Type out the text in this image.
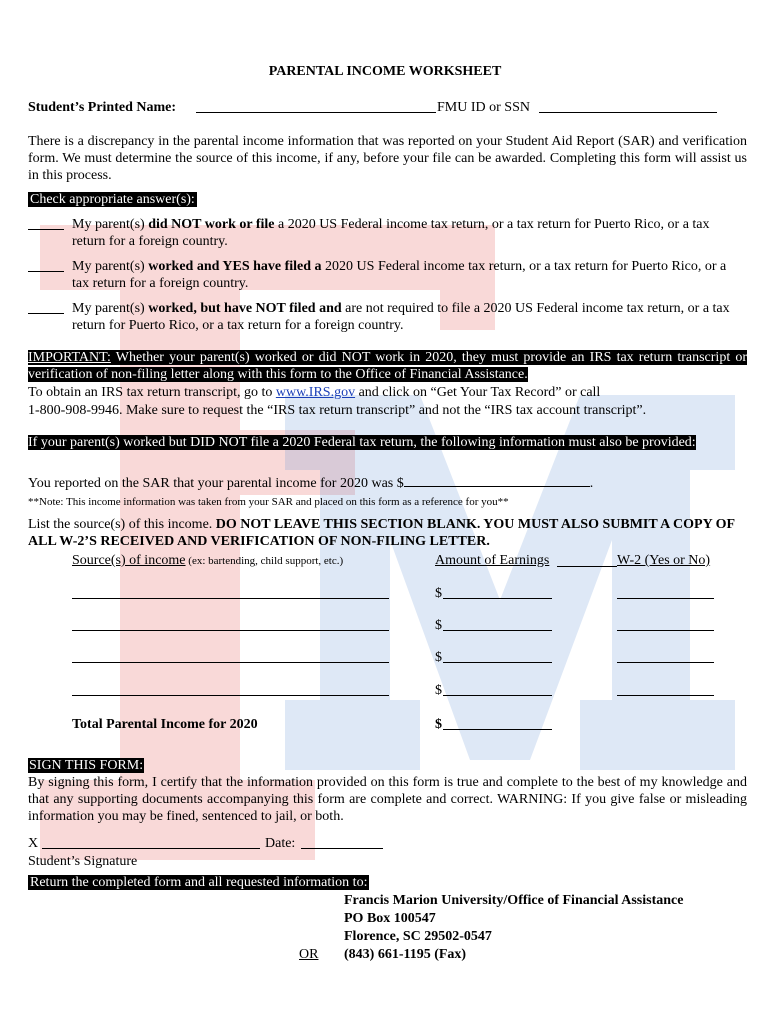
PARENTAL INCOME WORKSHEET
Student’s Printed Name:	FMU ID or SSN
There is a discrepancy in the parental income information that was reported on your Student Aid Report (SAR) and verification form. We must determine the source of this income, if any, before your file can be awarded. Completing this form will assist us in this process.
Check appropriate answer(s):
My parent(s) did NOT work or file a 2020 US Federal income tax return, or a tax return for Puerto Rico, or a tax return for a foreign country.
My parent(s) worked and YES have filed a 2020 US Federal income tax return, or a tax return for Puerto Rico, or a tax return for a foreign country.
My parent(s) worked, but have NOT filed and are not required to file a 2020 US Federal income tax return, or a tax return for Puerto Rico, or a tax return for a foreign country.
IMPORTANT: Whether your parent(s) worked or did NOT work in 2020, they must provide an IRS tax return transcript or verification of non-filing letter along with this form to the Office of Financial Assistance.
To obtain an IRS tax return transcript, go to www.IRS.gov and click on “Get Your Tax Record” or call
1-800-908-9946. Make sure to request the “IRS tax return transcript” and not the “IRS tax account transcript”.
If your parent(s) worked but DID NOT file a 2020 Federal tax return, the following information must also be provided:
You reported on the SAR that your parental income for 2020 was $	.
**Note: This income information was taken from your SAR and placed on this form as a reference for you**
List the source(s) of this income. DO NOT LEAVE THIS SECTION BLANK. YOU MUST ALSO SUBMIT A COPY OF ALL W-2’S RECEIVED AND VERIFICATION OF NON-FILING LETTER.
Source(s) of income (ex: bartending, child support, etc.)	Amount of Earnings	W-2 (Yes or No)
$
$
$
$
Total Parental Income for 2020	$
SIGN THIS FORM:
By signing this form, I certify that the information provided on this form is true and complete to the best of my knowledge and that any supporting documents accompanying this form are complete and correct. WARNING: If you give false or misleading information you may be fined, sentenced to jail, or both.
X	Date:
Student’s Signature
Return the completed form and all requested information to:
Francis Marion University/Office of Financial Assistance
PO Box 100547
Florence, SC 29502-0547
OR (843) 661-1195 (Fax)
